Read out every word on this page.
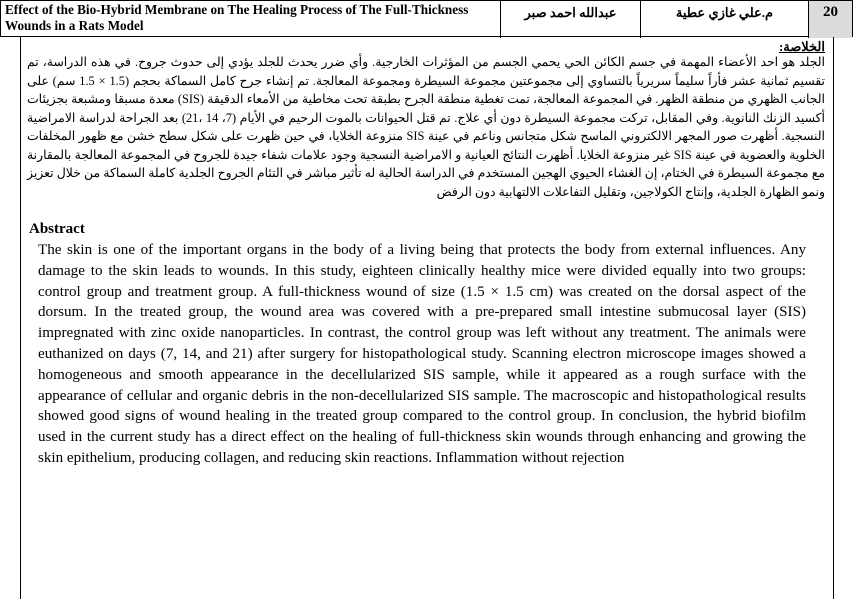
Effect of the Bio-Hybrid Membrane on The Healing Process of The Full-Thickness Wounds in a Rats Model
عبدالله احمد صبر	م.علي غازي عطية	20
الخلاصة:
الجلد هو احد الأعضاء المهمة في جسم الكائن الحي يحمي الجسم من المؤثرات الخارجية. وأي ضرر يحدث للجلد يؤدي إلى حدوث جروح. في هذه الدراسة، تم تقسيم ثمانية عشر فأراً سليماً سريرياً بالتساوي إلى مجموعتين مجموعة السيطرة ومجموعة المعالجة. تم إنشاء جرح كامل السماكة بحجم (1.5 × 1.5 سم) على الجانب الظهري من منطقة الظهر. في المجموعة المعالجة، تمت تغطية منطقة الجرح بطبقة تحت مخاطية من الأمعاء الدقيقة (SIS) معدة مسبقا ومشبعة بجزيئات أكسيد الزنك النانوية. وفي المقابل، تركت مجموعة السيطرة دون أي علاج. تم قتل الحيوانات بالموت الرحيم في الأيام (7، 14 ،21) بعد الجراحة لدراسة الامراضية النسجية. أظهرت صور المجهر الالكتروني الماسح شكل متجانس وناعم في عينة SIS منزوعة الخلايا، في حين ظهرت على شكل سطح خشن مع ظهور المخلفات الخلوية والعضوية في عينة SIS غير منزوعة الخلايا. أظهرت النتائج العيانية و الامراضية النسجية وجود علامات شفاء جيدة للجروح في المجموعة المعالجة بالمقارنة مع مجموعة السيطرة في الختام، إن الغشاء الحيوي الهجين المستخدم في الدراسة الحالية له تأثير مباشر في التئام الجروح الجلدية كاملة السماكة من خلال تعزيز ونمو الظهارة الجلدية، وإنتاج الكولاجين، وتقليل التفاعلات الالتهابية دون الرفض
Abstract
The skin is one of the important organs in the body of a living being that protects the body from external influences. Any damage to the skin leads to wounds. In this study, eighteen clinically healthy mice were divided equally into two groups: control group and treatment group. A full-thickness wound of size (1.5 × 1.5 cm) was created on the dorsal aspect of the dorsum. In the treated group, the wound area was covered with a pre-prepared small intestine submucosal layer (SIS) impregnated with zinc oxide nanoparticles. In contrast, the control group was left without any treatment. The animals were euthanized on days (7, 14, and 21) after surgery for histopathological study. Scanning electron microscope images showed a homogeneous and smooth appearance in the decellularized SIS sample, while it appeared as a rough surface with the appearance of cellular and organic debris in the non-decellularized SIS sample. The macroscopic and histopathological results showed good signs of wound healing in the treated group compared to the control group. In conclusion, the hybrid biofilm used in the current study has a direct effect on the healing of full-thickness skin wounds through enhancing and growing the skin epithelium, producing collagen, and reducing skin reactions. Inflammation without rejection
